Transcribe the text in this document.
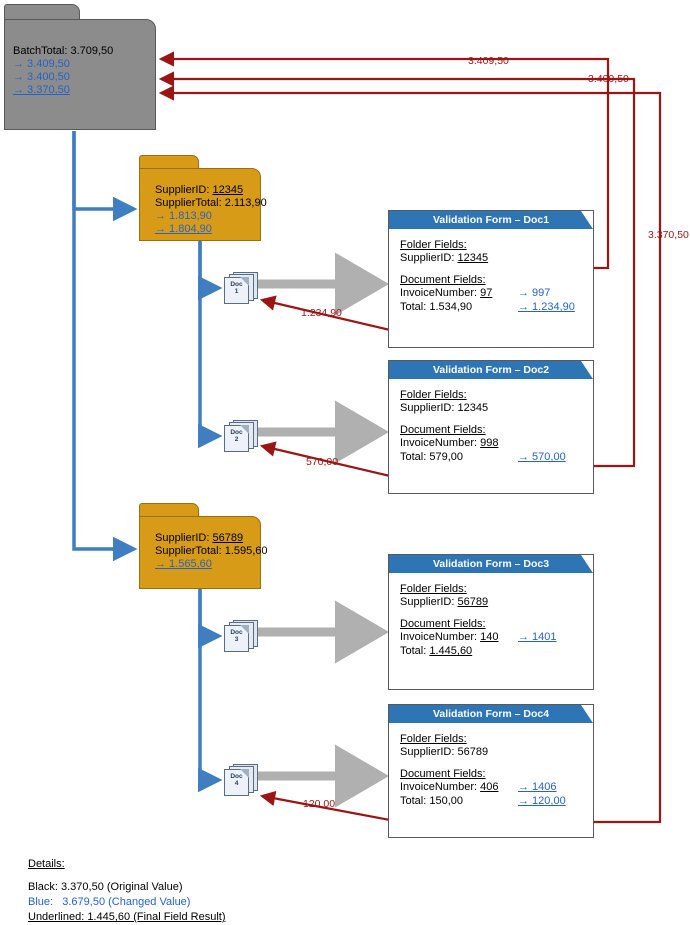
BatchTotal: 3.709,50
→ 3.409,50
→ 3.400,50
→ 3.370,50
SupplierID: 12345
SupplierTotal: 2.113,90
→ 1.813,90
→ 1.804,90
SupplierID: 56789
SupplierTotal: 1.595,60
→ 1.565,60
Doc
1
Doc
2
Doc
3
Doc
4
Validation Form – Doc1
Folder Fields:
SupplierID: 12345
Document Fields:
InvoiceNumber: 97 → 997
Total: 1.534,90	→ 1.234,90
Validation Form – Doc2
Folder Fields:
SupplierID: 12345
Document Fields:
InvoiceNumber: 998
Total: 579,00	→ 570,00
Validation Form – Doc3
Folder Fields:
SupplierID: 56789
Document Fields:
InvoiceNumber: 140 → 1401
Total: 1.445,60
Validation Form – Doc4
Folder Fields:
SupplierID: 56789
Document Fields:
InvoiceNumber: 406 → 1406
Total: 150,00	→ 120,00
3.409,50
3.400,50
3.370,50
1.234,90
570,00
120,00
Details:
Black: 3.370,50 (Original Value)
Blue:   3.679,50 (Changed Value)
Underlined: 1.445,60 (Final Field Result)
